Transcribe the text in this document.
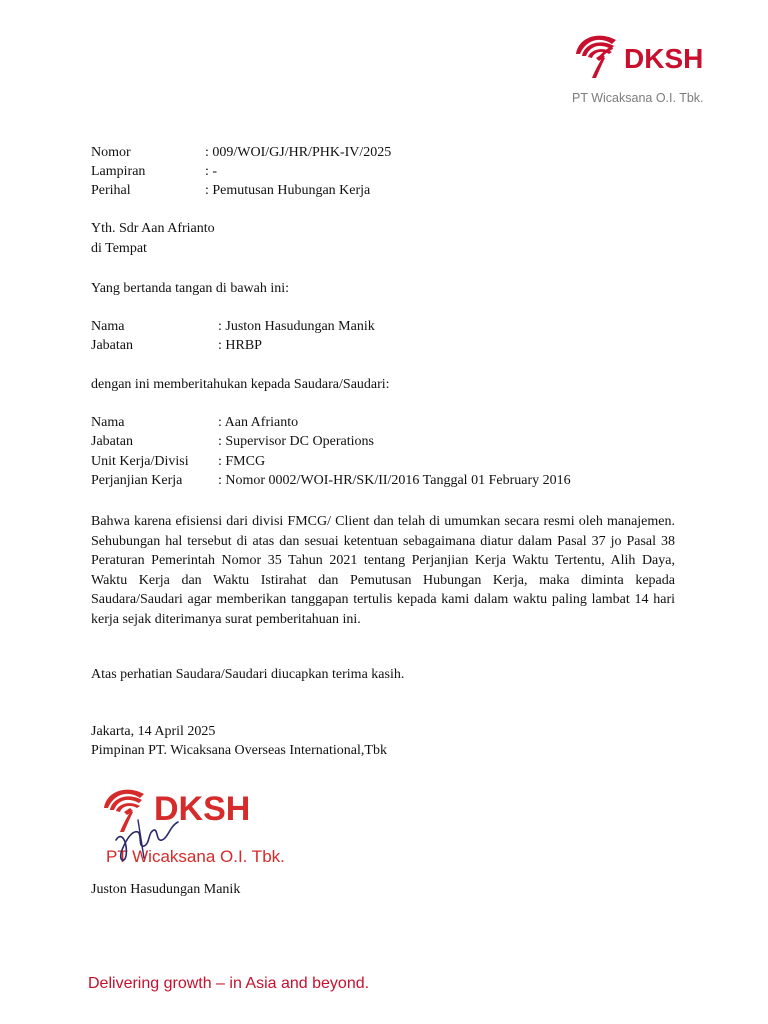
DKSH
PT Wicaksana O.I. Tbk.
Nomor	: 009/WOI/GJ/HR/PHK-IV/2025
Lampiran	: -
Perihal	: Pemutusan Hubungan Kerja
Yth. Sdr Aan Afrianto
di Tempat
Yang bertanda tangan di bawah ini:
Nama	: Juston Hasudungan Manik
Jabatan	: HRBP
dengan ini memberitahukan kepada Saudara/Saudari:
Nama	: Aan Afrianto
Jabatan	: Supervisor DC Operations
Unit Kerja/Divisi : FMCG
Perjanjian Kerja	: Nomor 0002/WOI-HR/SK/II/2016 Tanggal 01 February 2016
Bahwa karena efisiensi dari divisi FMCG/ Client dan telah di umumkan secara resmi oleh manajemen. Sehubungan hal tersebut di atas dan sesuai ketentuan sebagaimana diatur dalam Pasal 37 jo Pasal 38 Peraturan Pemerintah Nomor 35 Tahun 2021 tentang Perjanjian Kerja Waktu Tertentu, Alih Daya, Waktu Kerja dan Waktu Istirahat dan Pemutusan Hubungan Kerja, maka diminta kepada Saudara/Saudari agar memberikan tanggapan tertulis kepada kami dalam waktu paling lambat 14 hari kerja sejak diterimanya surat pemberitahuan ini.
Atas perhatian Saudara/Saudari diucapkan terima kasih.
Jakarta, 14 April 2025
Pimpinan PT. Wicaksana Overseas International,Tbk
DKSH
PT Wicaksana O.I. Tbk.
Juston Hasudungan Manik
Delivering growth – in Asia and beyond.
